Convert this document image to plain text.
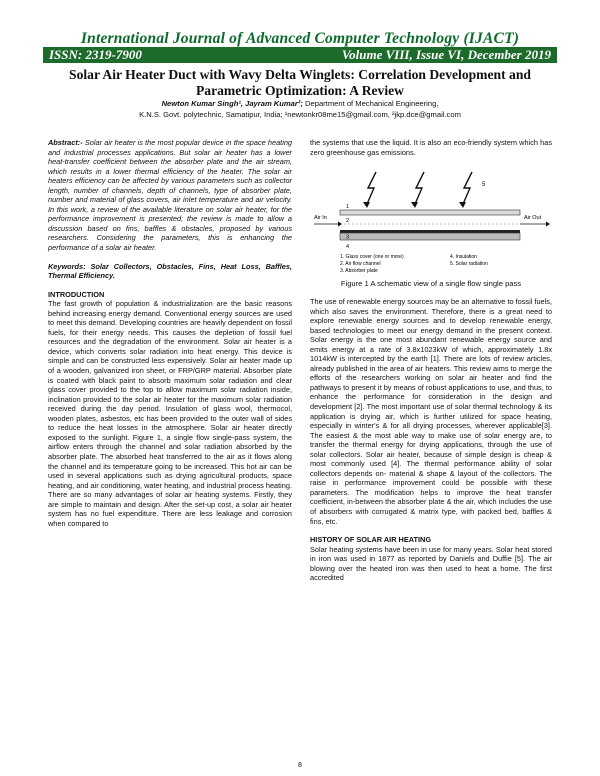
International Journal of Advanced Computer Technology (IJACT)
ISSN: 2319-7900	Volume VIII, Issue VI, December 2019
Solar Air Heater Duct with Wavy Delta Winglets: Correlation Development and Parametric Optimization: A Review
Newton Kumar Singh¹, Jayram Kumar²; Department of Mechanical Engineering,
K.N.S. Govt. polytechnic, Samatipur, India; ¹newtonkr08me15@gmail.com, ²jkp.dce@gmail.com

Abstract:- Solar air heater is the most popular device in the space heating and industrial processes applications. But solar air heater has a lower heat-transfer coefficient between the absorber plate and the air stream, which results in a lower thermal efficiency of the heater. The solar air heaters efficiency can be affected by various parameters such as collector length, number of channels, depth of channels, type of absorber plate, number and material of glass covers, air inlet temperature and air velocity. In this work, a review of the available literature on solar air heater, for the performance improvement is presented; the review is made to allow a discussion based on fins, baffles & obstacles, proposed by various researchers. Considering the parameters, this is enhancing the performance of a solar air heater.

Keywords: Solar Collectors, Obstacles, Fins, Heat Loss, Baffles, Thermal Efficiency.

INTRODUCTION

The fast growth of population & industrialization are the basic reasons behind increasing energy demand. Conventional energy sources are used to meet this demand. Developing countries are heavily dependent on fossil fuels, for their energy needs. This causes the depletion of fossil fuel resources and the degradation of the environment. Solar air heater is a device, which converts solar radiation into heat energy. This device is simple and can be constructed less expensively. Solar air heater made up of a wooden, galvanized iron sheet, or FRP/GRP material. Absorber plate is coated with black paint to absorb maximum solar radiation and clear glass cover provided to the top to allow maximum solar radiation inside, inclination provided to the solar air heater for the maximum solar radiation received during the day period. Insulation of glass wool, thermocol, wooden plates, asbestos, etc has been provided to the outer wall of sides to reduce the heat losses in the atmosphere. Solar air heater directly exposed to the sunlight. Figure 1, a single flow single-pass system, the airflow enters through the channel and solar radiation absorbed by the absorber plate. The absorbed heat transferred to the air as it flows along the channel and its temperature going to be increased. This hot air can be used in several applications such as drying agricultural products, space heating, and air conditioning, water heating, and industrial process heating. There are so many advantages of solar air heating systems. Firstly, they are simple to maintain and design. After the set-up cost, a solar air heater system has no fuel expenditure. There are less leakage and corrosion when compared to

the systems that use the liquid. It is also an eco-friendly system which has zero greenhouse gas emissions.

5
Air In	Air Out
1
2
3
4
1. Glass cover (one or more)
2. Air flow channel
3. Absorber plate
4. Insulation
5. Solar radiation
Figure 1 A schematic view of a single flow single pass

The use of renewable energy sources may be an alternative to fossil fuels, which also saves the environment. Therefore, there is a great need to explore renewable energy sources and to develop renewable energy, based technologies to meet our energy demand in the present context. Solar energy is the one most abundant renewable energy source and emits energy at a rate of 3.8x1023kW of which, approximately 1.8x 1014kW is intercepted by the earth [1]. There are lots of review articles, already published in the area of air heaters. This review aims to merge the efforts of the researchers working on solar air heater and find the pathways to present it by means of robust applications to use, and thus, to enhance the performance for consideration in the design and development [2]. The most important use of solar thermal technology & its application is drying air, which is further utilized for space heating, especially in winter's & for all drying processes, wherever applicable[3]. The easiest & the most able way to make use of solar energy are, to transfer the thermal energy for drying applications, through the use of solar collectors. Solar air heater, because of simple design is cheap & most commonly used [4]. The thermal performance ability of solar collectors depends on- material & shape & layout of the collectors. The raise in performance improvement could be possible with these parameters. The modification helps to improve the heat transfer coefficient, in-between the absorber plate & the air, which includes the use of absorbers with corrugated & matrix type, with packed bed, baffles & fins, etc.

HISTORY OF SOLAR AIR HEATING

Solar heating systems have been in use for many years. Solar heat stored in iron was used in 1877 as reported by Daniels and Duffie [5]. The air blowing over the heated iron was then used to heat a home. The first accredited

8
